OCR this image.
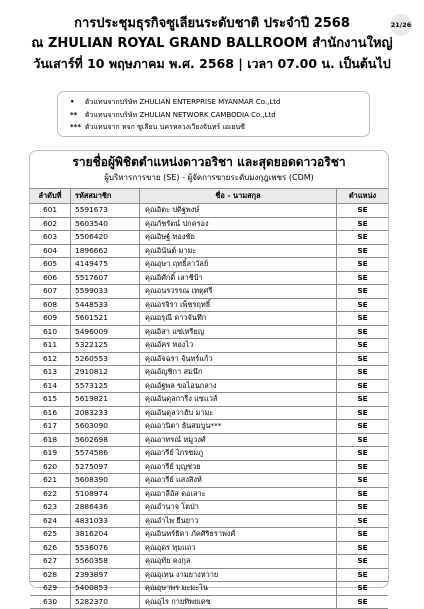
21/26
การประชุมธุรกิจซูเลียนระดับชาติ ประจำปี 2568
ณ ZHULIAN ROYAL GRAND BALLROOM สำนักงานใหญ่
วันเสาร์ที่ 10 พฤษภาคม พ.ศ. 2568 | เวลา 07.00 น. เป็นต้นไป
•	ตัวแทนจากบริษัท ZHULIAN ENTERPRISE MYANMAR Co.,Ltd
**	ตัวแทนจากบริษัท ZHULIAN NETWORK CAMBODIA Co.,Ltd
*** ตัวแทนจาก หจก ซูเลียน นครหลวงเวียงจันทร์ เอเยนซี
รายชื่อผู้พิชิตตำแหน่งดาวอริชา และสุดยอดดาวอริชา
ผู้บริหารการขาย (SE) - ผู้จัดการขายระดับมงกุฎเพชร (CDM)
ลำดับที่	รหัสสมาชิก	ชื่อ - นามสกุล	ตำแหน่ง
601	5591673	คุณอิตะ ปดิฐพงษ์	SE
602	5603540	คุณกัชรัตน์ ปกครอง	SE
603	5506420	คุณอิษฐ์ ทองชัย	SE
604	1896662	คุณอินันต์ มามะ	SE
605	4149475	คุณอุษา ฤทธิ์ลาวัลย์	SE
606	5517607	คุณอิศักดิ์ เลาชีป้า	SE
607	5599033	คุณอนรวรรณ เทตุศรี	SE
608	5448533	คุณอรจิรา เพ็ชรฤทธิ์	SE
609	5601521	คุณอรุณี ดาวจันทึก	SE
610	5496009	คุณอิสา แซ่เหรียญ	SE
611	5322125	คุณอัคร ทองไว	SE
612	5260553	คุณอัจฉรา จันทร์แก้ว	SE
613	2910812	คุณอัญชิกา สมนึก	SE
614	5573125	คุณอัฐพล ขอไอนกลาง	SE
615	5619821	คุณอันดุลการีง แซแวส์	SE
616	2083233	คุณอันดุลวาฮับ มามะ	SE
617	5603090	คุณอานิตา ธันสมบูน***	SE
618	5602698	คุณอาทรณ์ หมูวงศ์	SE
619	5574586	คุณอารีย์ ไกรชมภู	SE
620	5275097	คุณอารีย์ บุญช่วย	SE
621	5608390	คุณอารีย์ แสงสิงห์	SE
622	5108974	คุณอาลีอัส ดอเลาะ	SE
623	2886436	คุณอำนาจ โตป่า	SE
624	4831033	คุณอำไพ ยืนยาว	SE
625	3816204	คุณอินทร์ธิดา ภัคศิริธราพงศ์	SE
626	5536076	คุณอุดร ทุมแถว	SE
627	5560358	คุณอุทัย คงกุล	SE
628	2393897	คุณอุเทน งามยางหวาย	SE
629	5400853	คุณอุษาพร มะมะไน	SE
630	5282370	คุณอุไร กายทิพยเดช	SE
